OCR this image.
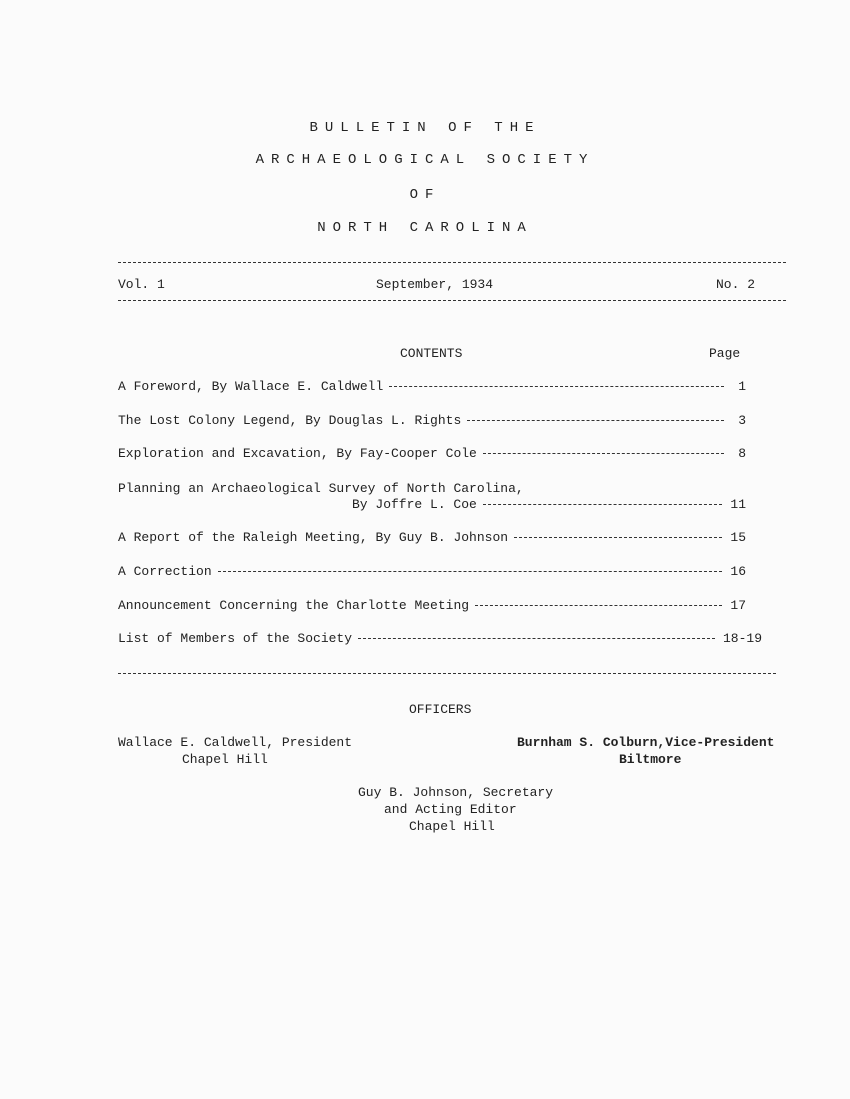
BULLETIN OF THE
ARCHAEOLOGICAL SOCIETY
OF
NORTH CAROLINA
Vol. 1	September, 1934	No. 2
CONTENTS	Page
A Foreword, By Wallace E. Caldwell	1
The Lost Colony Legend, By Douglas L. Rights	3
Exploration and Excavation, By Fay-Cooper Cole	8
Planning an Archaeological Survey of North Carolina,
By Joffre L. Coe	11
A Report of the Raleigh Meeting, By Guy B. Johnson	15
A Correction	16
Announcement Concerning the Charlotte Meeting	17
List of Members of the Society	18-19
OFFICERS
Wallace E. Caldwell, President
Chapel Hill
Burnham S. Colburn,Vice-President
Biltmore
Guy B. Johnson, Secretary
and Acting Editor
Chapel Hill
